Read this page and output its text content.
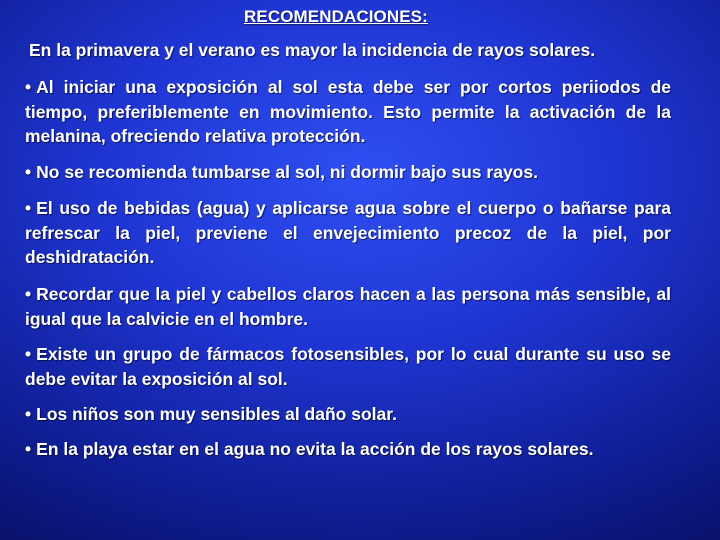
RECOMENDACIONES:
En la primavera y el verano es mayor la incidencia de rayos solares.
• Al iniciar una exposición al sol esta debe ser por cortos periiodos de tiempo, preferiblemente en movimiento. Esto permite la activación de la melanina, ofreciendo relativa protección.
• No se recomienda tumbarse al sol, ni dormir bajo sus rayos.
• El uso de bebidas (agua) y aplicarse agua sobre el cuerpo o bañarse para refrescar la piel, previene el envejecimiento precoz de la piel, por deshidratación.
• Recordar que la piel y cabellos claros hacen a las persona más sensible, al igual que la calvicie en el hombre.
• Existe un grupo de fármacos fotosensibles, por lo cual durante su uso se debe evitar la exposición al sol.
• Los niños son muy sensibles al daño solar.
• En la playa estar en el agua no evita la acción de los rayos solares.
